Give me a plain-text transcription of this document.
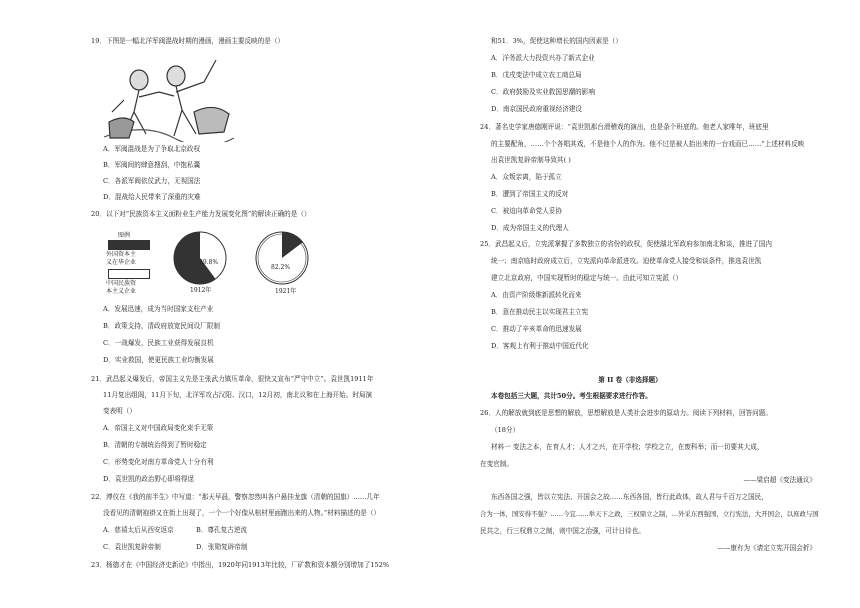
19．下图是一幅北洋军阀混战时期的漫画，漫画主要反映的是（）
A．军阀混战是为了争取北京政权
B．军阀间的肆意搜刮，中饱私囊
C．各派军阀依仗武力，无视国法
D．混战给人民带来了深重的灾难
20．以下对“民族资本主义面粉业生产能力发展变化图”的解读正确的是（）
图例
外国资本主
义在华企业
中国民族资
本主义企业
39.8%
1912年
82.2%
1921年
A．发展迅速，成为当时国家支柱产业
B．政策支持，清政府放宽民间设厂限制
C．一战爆发，民族工业获得发展良机
D．实业救国，使更民族工业均衡发展
21．武昌起义爆发后，帝国主义先是主张武力镇压革命，很快又宣布“严守中立”。袁世凯1911年
11月复出组阁，11月下旬，北洋军攻占汉阳、汉口，12月初，南北议和在上海开始。时局演
变表明（）
A．帝国主义对中国政局变化束手无策
B．清朝的专制统治得到了暂时稳定
C．形势变化对南方革命党人十分有利
D．袁世凯的政治野心即将得逞
22．溥仪在《我的前半生》中写道：“那天早晨，警察忽然叫各户悬挂龙旗（清朝的国旗）……几年
没看见的清朝袍褂又在街上出现了，一个一个好像从棺材里面跑出来的人物。”材料描述的是（）
A．慈禧太后从西安返京	B．尊孔复古逆流
C．袁世凯复辟帝制	D．张勋复辟帝制
23．杨德才在《中国经济史新论》中指出，1920年同1913年比较，厂矿数和资本额分别增加了152%
和51．3%，促使这种增长的国内因素是（）
A．洋务派大力投资兴办了新式企业
B．戊戌变法中成立农工商总局
C．政府鼓励及实业救国思潮的影响
D．南京国民政府重视经济建设
24．著名史学家唐德刚评说：“袁世凯那台滑稽戏的演出，也是条个班底的。他老人家唯年，班底里
的主要配角，……个个各唱其戏，不是他个人的作为。他不过是被人抬出来的一台戏而已……”上述材料反映
出袁世凯复辟帝制导致其( )
A．众叛亲离，陷于孤立
B．遭到了帝国主义的反对
C．被迫向革命党人妥协
D．成为帝国主义的代理人
25．武昌起义后，立宪派掌握了多数独立的省份的政权，促使湖北军政府参加南北和谈，推进了国内
统一；南京临时政府成立后，立宪派向革命派进攻。迫使革命党人接受和谈条件，推选袁世凯
建立北京政府，中国实现暂时的稳定与统一。由此可知立宪派（）
A．由资产阶级维新派转化而来
B．意在推动民主以实现君主立宪
C．推动了辛亥革命的迅速发展
D．客观上有利于推动中国近代化
第 II 卷（非选择题）
本卷包括三大题，共计50分。考生根据要求进行作答。
26．人的解放就到底是思想的解放，思想解放是人类社会进步的原动力。阅读下列材料，回答问题。
（18分）
材料一 变法之本，在育人才；人才之兴，在开学校；学校之立，在废科举；而一切要其大成，
在变官制。
——梁启超《变法通议》
东西各国之强，皆以立宪法、开国会之故……东西各国，皆行此政体，故人君与千百万之国民，
合为一体，国安得不强？……今宜……举天下之政，三权鼎立之制，…外采东西强国，立行宪法，大开国会，以庶政与国
民共之，行三权鼎立之制，则中国之治强，可计日待也。
——康有为《请定立宪开国会折》
